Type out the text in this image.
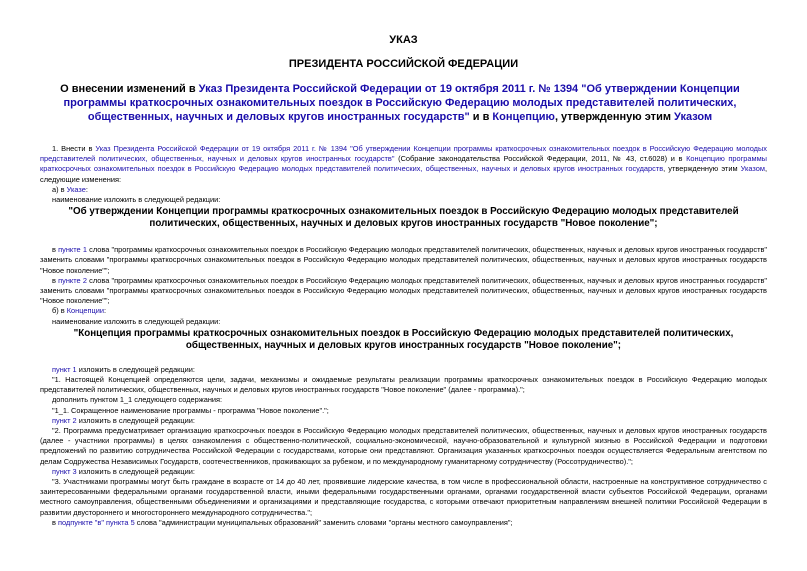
УКАЗ
ПРЕЗИДЕНТА РОССИЙСКОЙ ФЕДЕРАЦИИ
О внесении изменений в Указ Президента Российской Федерации от 19 октября 2011 г. № 1394 "Об утверждении Концепции программы краткосрочных ознакомительных поездок в Российскую Федерацию молодых представителей политических, общественных, научных и деловых кругов иностранных государств" и в Концепцию, утвержденную этим Указом

1. Внести в Указ Президента Российской Федерации от 19 октября 2011 г. № 1394 "Об утверждении Концепции программы краткосрочных ознакомительных поездок в Российскую Федерацию молодых представителей политических, общественных, научных и деловых кругов иностранных государств" (Собрание законодательства Российской Федерации, 2011, № 43, ст.6028) и в Концепцию программы краткосрочных ознакомительных поездок в Российскую Федерацию молодых представителей политических, общественных, научных и деловых кругов иностранных государств, утвержденную этим Указом, следующие изменения:

а) в Указе:

наименование изложить в следующей редакции:

"Об утверждении Концепции программы краткосрочных ознакомительных поездок в Российскую Федерацию молодых представителей политических, общественных, научных и деловых кругов иностранных государств "Новое поколение";

в пункте 1 слова "программы краткосрочных ознакомительных поездок в Российскую Федерацию молодых представителей политических, общественных, научных и деловых кругов иностранных государств" заменить словами "программы краткосрочных ознакомительных поездок в Российскую Федерацию молодых представителей политических, общественных, научных и деловых кругов иностранных государств "Новое поколение"";

в пункте 2 слова "программы краткосрочных ознакомительных поездок в Российскую Федерацию молодых представителей политических, общественных, научных и деловых кругов иностранных государств" заменить словами "программы краткосрочных ознакомительных поездок в Российскую Федерацию молодых представителей политических, общественных, научных и деловых кругов иностранных государств "Новое поколение"";

б) в Концепции:

наименование изложить в следующей редакции:

"Концепция программы краткосрочных ознакомительных поездок в Российскую Федерацию молодых представителей политических, общественных, научных и деловых кругов иностранных государств "Новое поколение";

пункт 1 изложить в следующей редакции:

"1. Настоящей Концепцией определяются цели, задачи, механизмы и ожидаемые результаты реализации программы краткосрочных ознакомительных поездок в Российскую Федерацию молодых представителей политических, общественных, научных и деловых кругов иностранных государств "Новое поколение" (далее - программа).";

дополнить пунктом 1_1 следующего содержания:

"1_1. Сокращенное наименование программы - программа "Новое поколение".";

пункт 2 изложить в следующей редакции:

"2. Программа предусматривает организацию краткосрочных поездок в Российскую Федерацию молодых представителей политических, общественных, научных и деловых кругов иностранных государств (далее - участники программы) в целях ознакомления с общественно-политической, социально-экономической, научно-образовательной и культурной жизнью в Российской Федерации и подготовки предложений по развитию сотрудничества Российской Федерации с государствами, которые они представляют. Организация указанных краткосрочных поездок осуществляется Федеральным агентством по делам Содружества Независимых Государств, соотечественников, проживающих за рубежом, и по международному гуманитарному сотрудничеству (Россотрудничество).";

пункт 3 изложить в следующей редакции:

"3. Участниками программы могут быть граждане в возрасте от 14 до 40 лет, проявившие лидерские качества, в том числе в профессиональной области, настроенные на конструктивное сотрудничество с заинтересованными федеральными органами государственной власти, иными федеральными государственными органами, органами государственной власти субъектов Российской Федерации, органами местного самоуправления, общественными объединениями и организациями и представляющие государства, с которыми отвечают приоритетным направлениям внешней политики Российской Федерации в развитии двустороннего и многостороннего международного сотрудничества.";

в подпункте "в" пункта 5 слова "администрации муниципальных образований" заменить словами "органы местного самоуправления";
